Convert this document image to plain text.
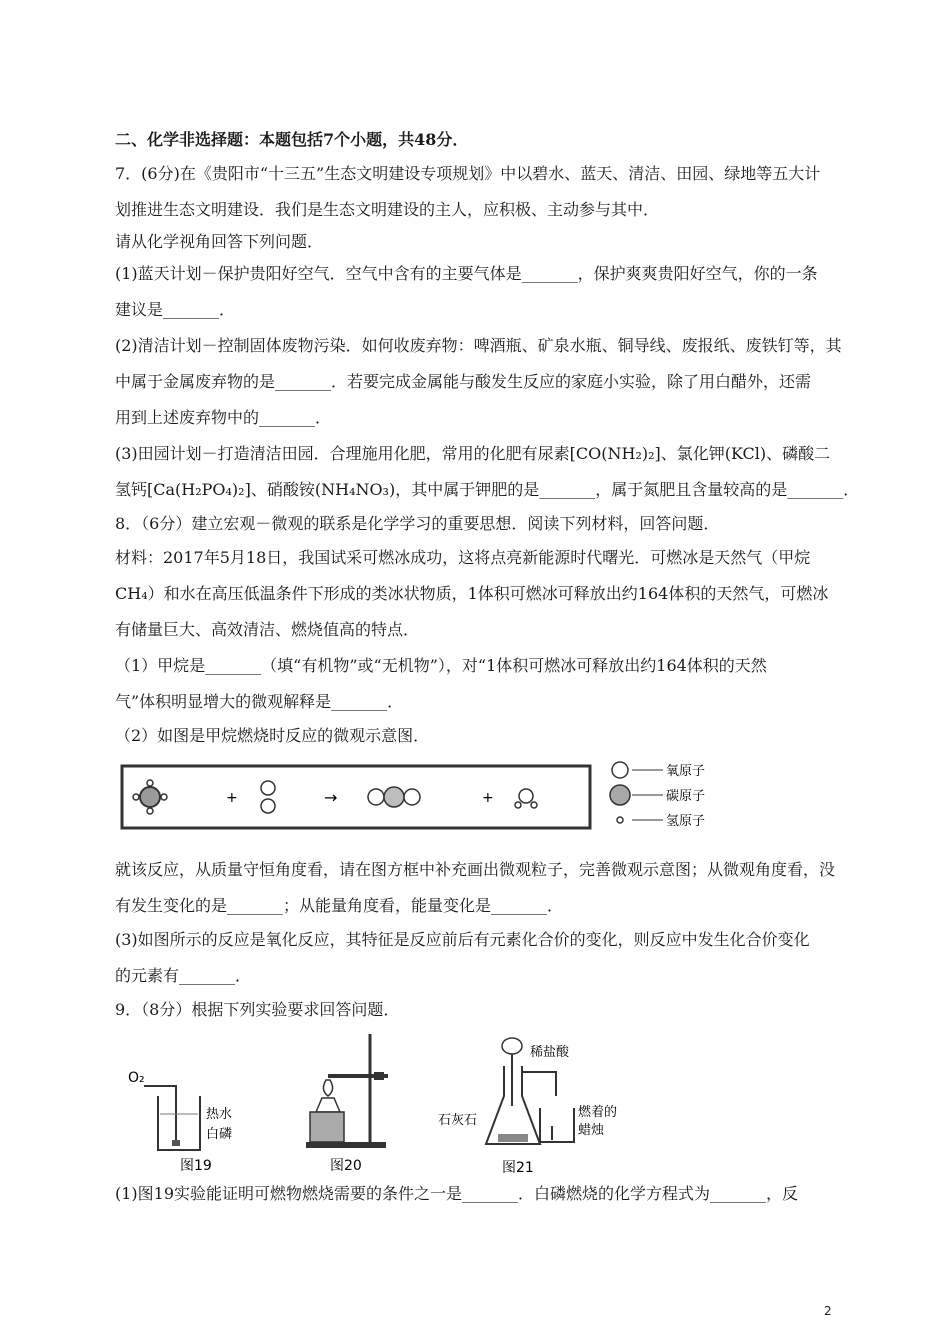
二、化学非选择题：本题包括7个小题，共48分．
7．(6分)在《贵阳市“十三五”生态文明建设专项规划》中以碧水、蓝天、清洁、田园、绿地等五大计
划推进生态文明建设．我们是生态文明建设的主人，应积极、主动参与其中．
请从化学视角回答下列问题．
(1)蓝天计划－保护贵阳好空气．空气中含有的主要气体是_______，保护爽爽贵阳好空气，你的一条
建议是_______．
(2)清洁计划－控制固体废物污染．如何收废弃物：啤酒瓶、矿泉水瓶、铜导线、废报纸、废铁钉等，其
中属于金属废弃物的是_______．若要完成金属能与酸发生反应的家庭小实验，除了用白醋外，还需
用到上述废弃物中的_______．
(3)田园计划－打造清洁田园．合理施用化肥，常用的化肥有尿素[CO(NH₂)₂]、氯化钾(KCl)、磷酸二
氢钙[Ca(H₂PO₄)₂]、硝酸铵(NH₄NO₃)，其中属于钾肥的是_______，属于氮肥且含量较高的是_______．
8．（6分）建立宏观－微观的联系是化学学习的重要思想．阅读下列材料，回答问题．
材料：2017年5月18日，我国试采可燃冰成功，这将点亮新能源时代曙光．可燃冰是天然气（甲烷
CH₄）和水在高压低温条件下形成的类冰状物质，1体积可燃冰可释放出约164体积的天然气，可燃冰
有储量巨大、高效清洁、燃烧值高的特点．
（1）甲烷是_______（填“有机物”或“无机物”），对“1体积可燃冰可释放出约164体积的天然
气”体积明显增大的微观解释是_______．
（2）如图是甲烷燃烧时反应的微观示意图．
+	→	+
氧原子
碳原子
氢原子
就该反应，从质量守恒角度看，请在图方框中补充画出微观粒子，完善微观示意图；从微观角度看，没
有发生变化的是_______；从能量角度看，能量变化是_______．
(3)如图所示的反应是氧化反应，其特征是反应前后有元素化合价的变化，则反应中发生化合价变化
的元素有_______．
9．（8分）根据下列实验要求回答问题．
O₂
热水
白磷
图19	图20
稀盐酸
石灰石
燃着的
蜡烛
图21
(1)图19实验能证明可燃物燃烧需要的条件之一是_______．白磷燃烧的化学方程式为_______，反
2
